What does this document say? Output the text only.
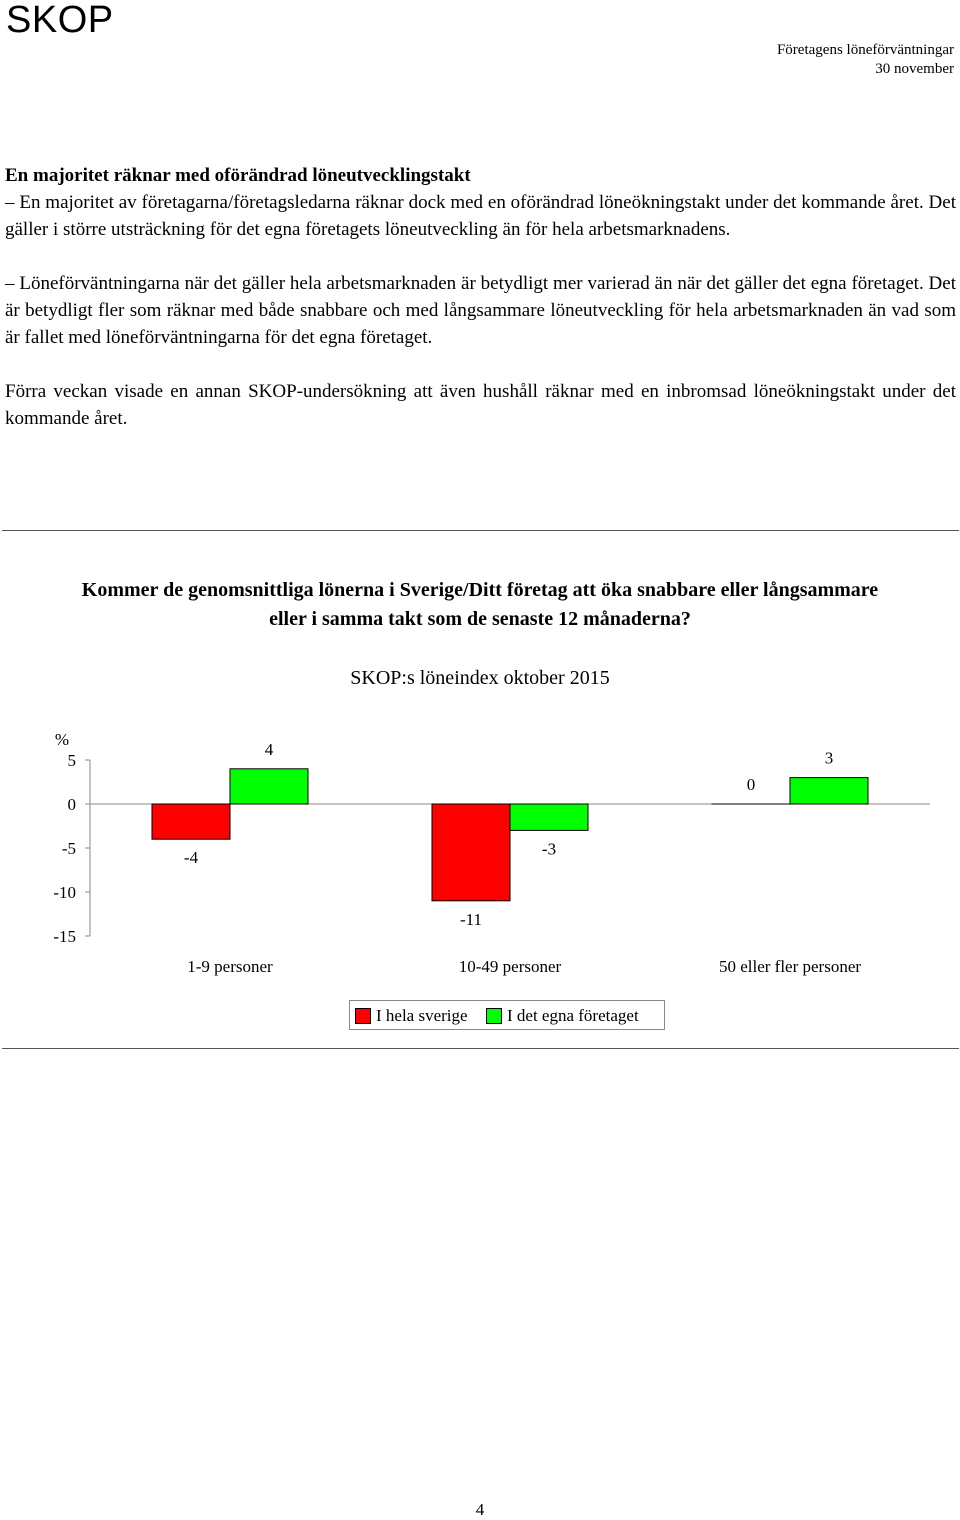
SKOP
Företagens löneförväntningar
30 november

En majoritet räknar med oförändrad löneutvecklingstakt

– En majoritet av företagarna/företagsledarna räknar dock med en oförändrad löneökningstakt under det kommande året. Det gäller i större utsträckning för det egna företagets löneutveckling än för hela arbetsmarknadens.

– Löneförväntningarna när det gäller hela arbetsmarknaden är betydligt mer varierad än när det gäller det egna företaget. Det är betydligt fler som räknar med både snabbare och med långsammare löneutveckling för hela arbetsmarknaden än vad som är fallet med löneförväntningarna för det egna företaget.

Förra veckan visade en annan SKOP-undersökning att även hushåll räknar med en inbromsad löneökningstakt under det kommande året.

Kommer de genomsnittliga lönerna i Sverige/Ditt företag att öka snabbare eller långsammare eller i samma takt som de senaste 12 månaderna?
SKOP:s löneindex oktober 2015
5
0
-5
-10
-15
%
-4
4
1-9 personer
-11
-3
10-49 personer
0
3
50 eller fler personer
I hela sverige I det egna företaget
4
